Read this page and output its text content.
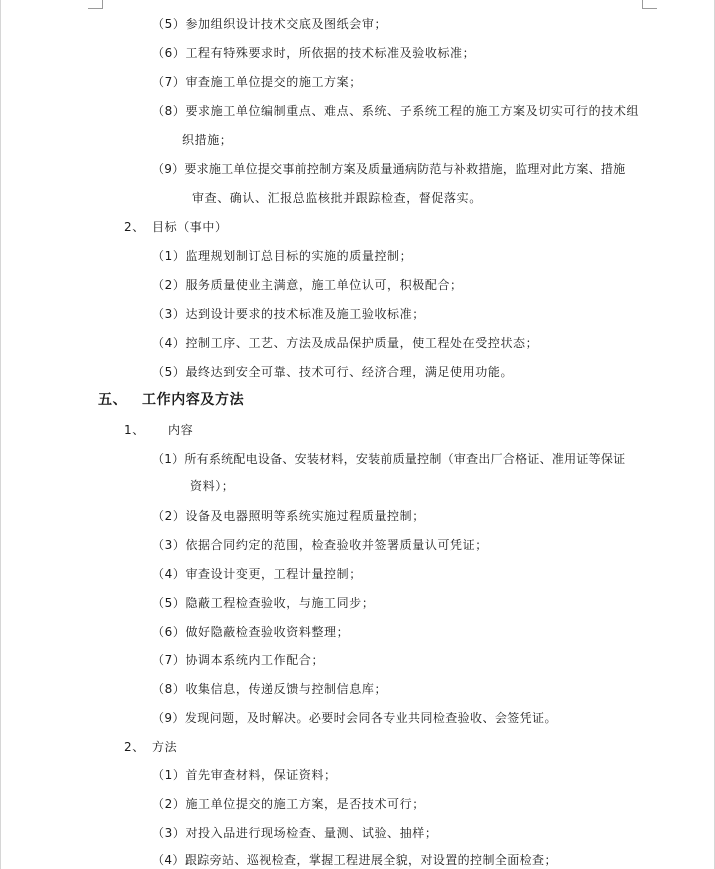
（5）参加组织设计技术交底及图纸会审；
（6）工程有特殊要求时，所依据的技术标准及验收标准；
（7）审查施工单位提交的施工方案；
（8）要求施工单位编制重点、难点、系统、子系统工程的施工方案及切实可行的技术组
织措施；
（9）要求施工单位提交事前控制方案及质量通病防范与补救措施，监理对此方案、措施
审查、确认、汇报总监核批并跟踪检查，督促落实。
2、 目标（事中）
（1）监理规划制订总目标的实施的质量控制；
（2）服务质量使业主满意，施工单位认可，积极配合；
（3）达到设计要求的技术标准及施工验收标准；
（4）控制工序、工艺、方法及成品保护质量，使工程处在受控状态；
（5）最终达到安全可靠、技术可行、经济合理，满足使用功能。
五、 工作内容及方法
1、 内容
（1）所有系统配电设备、安装材料，安装前质量控制（审查出厂合格证、准用证等保证
资料）；
（2）设备及电器照明等系统实施过程质量控制；
（3）依据合同约定的范围，检查验收并签署质量认可凭证；
（4）审查设计变更，工程计量控制；
（5）隐蔽工程检查验收，与施工同步；
（6）做好隐蔽检查验收资料整理；
（7）协调本系统内工作配合；
（8）收集信息，传递反馈与控制信息库；
（9）发现问题，及时解决。必要时会同各专业共同检查验收、会签凭证。
2、 方法
（1）首先审查材料，保证资料；
（2）施工单位提交的施工方案，是否技术可行；
（3）对投入品进行现场检查、量测、试验、抽样；
（4）跟踪旁站、巡视检查，掌握工程进展全貌，对设置的控制全面检查；
